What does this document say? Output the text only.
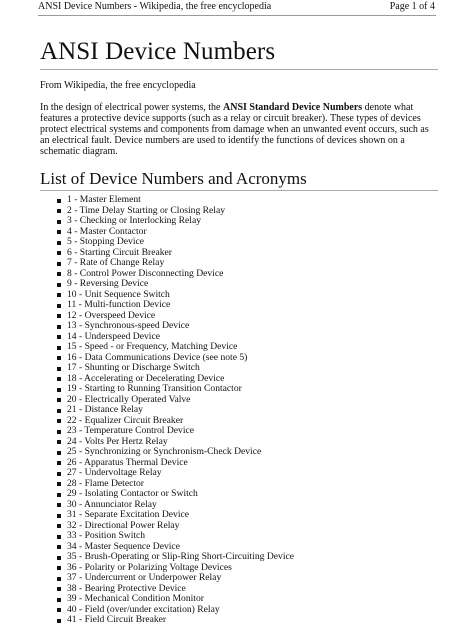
ANSI Device Numbers - Wikipedia, the free encyclopedia	Page 1 of 4
ANSI Device Numbers
From Wikipedia, the free encyclopedia

In the design of electrical power systems, the ANSI Standard Device Numbers denote what features a protective device supports (such as a relay or circuit breaker). These types of devices protect electrical systems and components from damage when an unwanted event occurs, such as an electrical fault. Device numbers are used to identify the functions of devices shown on a schematic diagram.

List of Device Numbers and Acronyms
1 - Master Element
2 - Time Delay Starting or Closing Relay
3 - Checking or Interlocking Relay
4 - Master Contactor
5 - Stopping Device
6 - Starting Circuit Breaker
7 - Rate of Change Relay
8 - Control Power Disconnecting Device
9 - Reversing Device
10 - Unit Sequence Switch
11 - Multi-function Device
12 - Overspeed Device
13 - Synchronous-speed Device
14 - Underspeed Device
15 - Speed - or Frequency, Matching Device
16 - Data Communications Device (see note 5)
17 - Shunting or Discharge Switch
18 - Accelerating or Decelerating Device
19 - Starting to Running Transition Contactor
20 - Electrically Operated Valve
21 - Distance Relay
22 - Equalizer Circuit Breaker
23 - Temperature Control Device
24 - Volts Per Hertz Relay
25 - Synchronizing or Synchronism-Check Device
26 - Apparatus Thermal Device
27 - Undervoltage Relay
28 - Flame Detector
29 - Isolating Contactor or Switch
30 - Annunciator Relay
31 - Separate Excitation Device
32 - Directional Power Relay
33 - Position Switch
34 - Master Sequence Device
35 - Brush-Operating or Slip-Ring Short-Circuiting Device
36 - Polarity or Polarizing Voltage Devices
37 - Undercurrent or Underpower Relay
38 - Bearing Protective Device
39 - Mechanical Condition Monitor
40 - Field (over/under excitation) Relay
41 - Field Circuit Breaker
